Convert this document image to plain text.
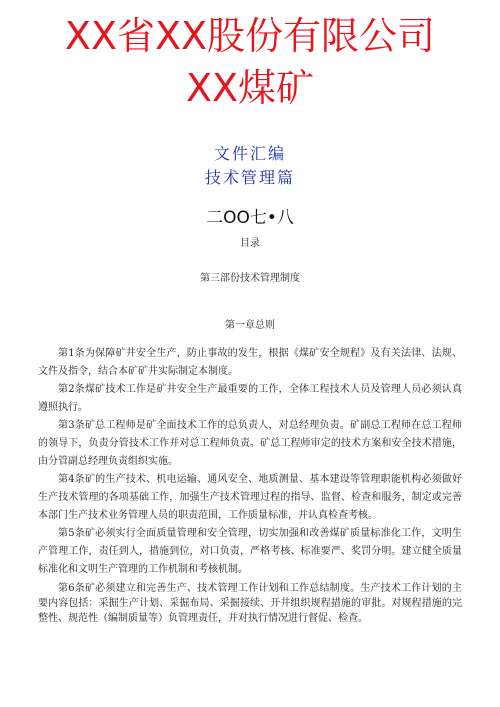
XX省XX股份有限公司
XX煤矿
文件汇编
技术管理篇
二OO七•八
目录
第三部份技术管理制度
第一章总则

第1条为保障矿井安全生产，防止事故的发生，根据《煤矿安全规程》及有关法律、法规、文件及指令，结合本矿矿井实际制定本制度。

第2条煤矿技术工作是矿井安全生产最重要的工作，全体工程技术人员及管理人员必须认真遵照执行。

第3条矿总工程师是矿全面技术工作的总负责人，对总经理负责。矿副总工程师在总工程师的领导下，负责分管技术工作并对总工程师负责。矿总工程师审定的技术方案和安全技术措施，由分管副总经理负责组织实施。

第4条矿的生产技术、机电运输、通风安全、地质测量、基本建设等管理职能机构必须做好生产技术管理的各项基础工作，加强生产技术管理过程的指导、监督、检查和服务，制定或完善本部门生产技术业务管理人员的职责范围，工作质量标准，并认真检查考核。

第5条矿必须实行全面质量管理和安全管理，切实加强和改善煤矿质量标准化工作，文明生产管理工作，责任到人，措施到位，对口负责，严格考核、标准要严、奖罚分明。建立健全质量标准化和文明生产管理的工作机制和考核机制。

第6条矿必须建立和完善生产、技术管理工作计划和工作总结制度。生产技术工作计划的主要内容包括：采掘生产计划、采掘布局、采掘接续、开井组织规程措施的审批。对规程措施的完整性、规范性（编制质量等）负管理责任，并对执行情况进行督促、检查。
